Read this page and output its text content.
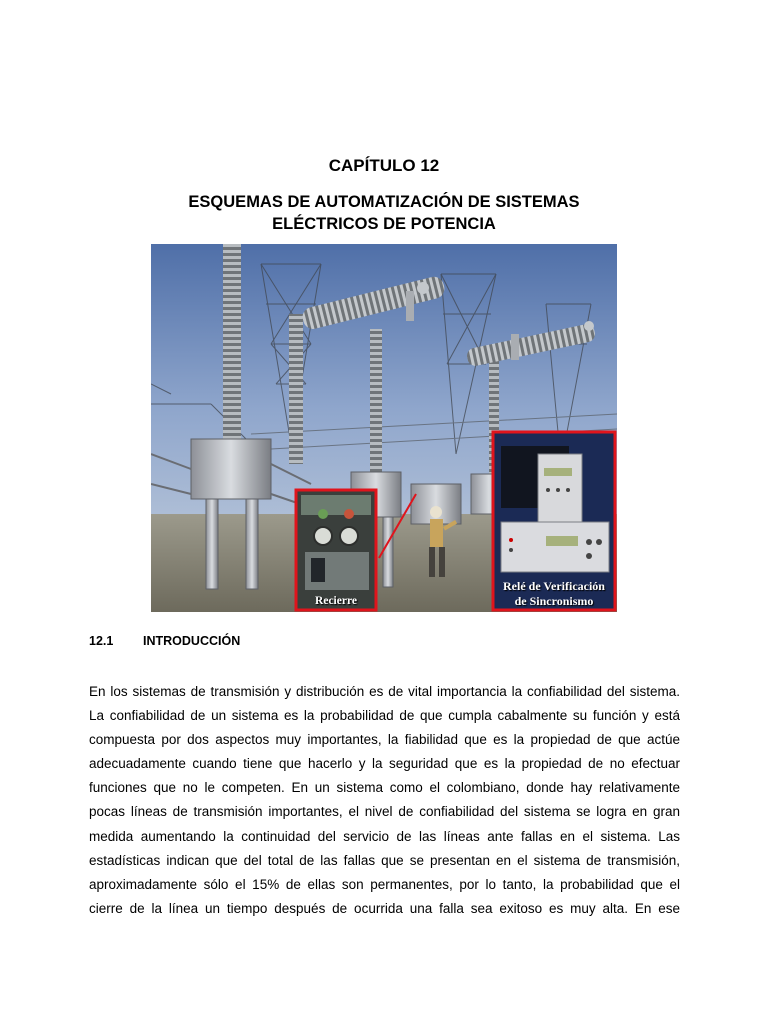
CAPÍTULO 12
ESQUEMAS DE AUTOMATIZACIÓN DE SISTEMAS
ELÉCTRICOS DE POTENCIA
Recierre
Relé de Verificación
de Sincronismo
12.1 INTRODUCCIÓN
En los sistemas de transmisión y distribución es de vital importancia la confiabilidad del sistema.
La confiabilidad de un sistema es la probabilidad de que cumpla cabalmente su función y está
compuesta por dos aspectos muy importantes, la fiabilidad que es la propiedad de que actúe
adecuadamente cuando tiene que hacerlo y la seguridad que es la propiedad de no efectuar
funciones que no le competen. En un sistema como el colombiano, donde hay relativamente
pocas líneas de transmisión importantes, el nivel de confiabilidad del sistema se logra en gran
medida aumentando la continuidad del servicio de las líneas ante fallas en el sistema. Las
estadísticas indican que del total de las fallas que se presentan en el sistema de transmisión,
aproximadamente sólo el 15% de ellas son permanentes, por lo tanto, la probabilidad que el
cierre de la línea un tiempo después de ocurrida una falla sea exitoso es muy alta. En ese
